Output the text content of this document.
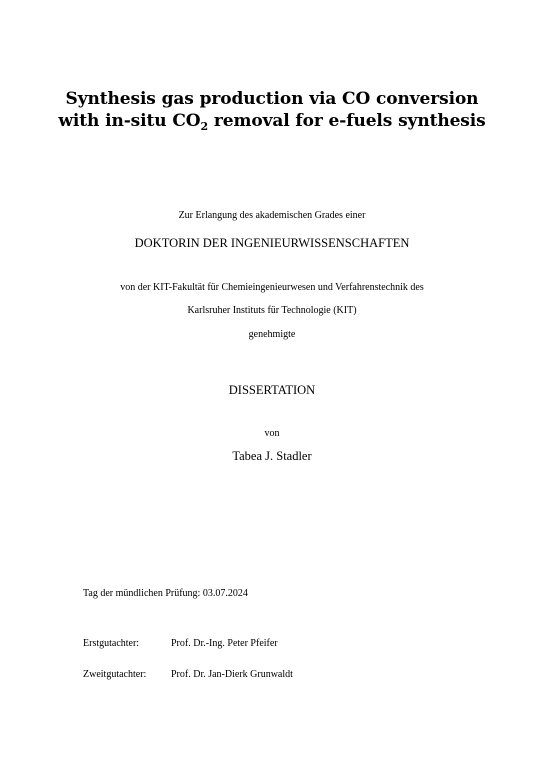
Synthesis gas production via CO conversion
with in-situ $CO_2$ removal for e-fuels synthesis
Zur Erlangung des akademischen Grades einer
DOKTORIN DER INGENIEURWISSENSCHAFTEN
von der KIT-Fakultät für Chemieingenieurwesen und Verfahrenstechnik des
Karlsruher Instituts für Technologie (KIT)
genehmigte
DISSERTATION
von
Tabea J. Stadler
Tag der mündlichen Prüfung: 03.07.2024
Erstgutachter:	Prof. Dr.-Ing. Peter Pfeifer
Zweitgutachter: Prof. Dr. Jan-Dierk Grunwaldt
